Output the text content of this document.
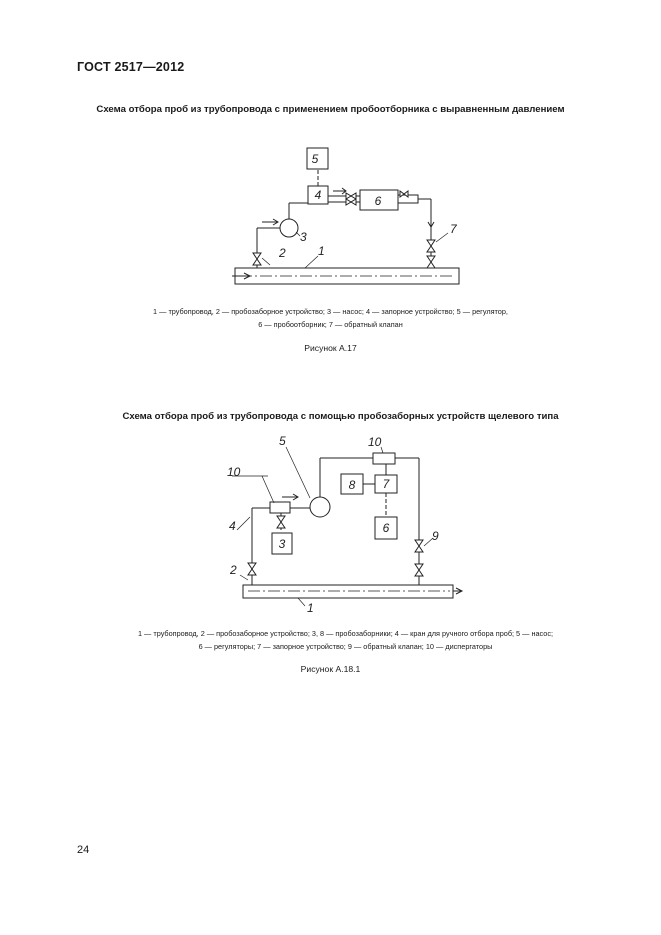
ГОСТ 2517—2012
Схема отбора проб из трубопровода с применением пробоотборника с выравненным давлением
5
4	6
3
2	1
7
1 — трубопровод, 2 — пробозаборное устройство; 3 — насос; 4 — запорное устройство; 5 — регулятор,
6 — пробоотборник; 7 — обратный клапан
Рисунок А.17
Схема отбора проб из трубопровода с помощью пробозаборных устройств щелевого типа
10
5	10
8 7
6
3
4
9
2
1
1 — трубопровод, 2 — пробозаборное устройство; 3, 8 — пробозаборники; 4 — кран для ручного отбора проб; 5 — насос;
6 — регуляторы; 7 — запорное устройство; 9 — обратный клапан; 10 — диспергаторы
Рисунок А.18.1
24
